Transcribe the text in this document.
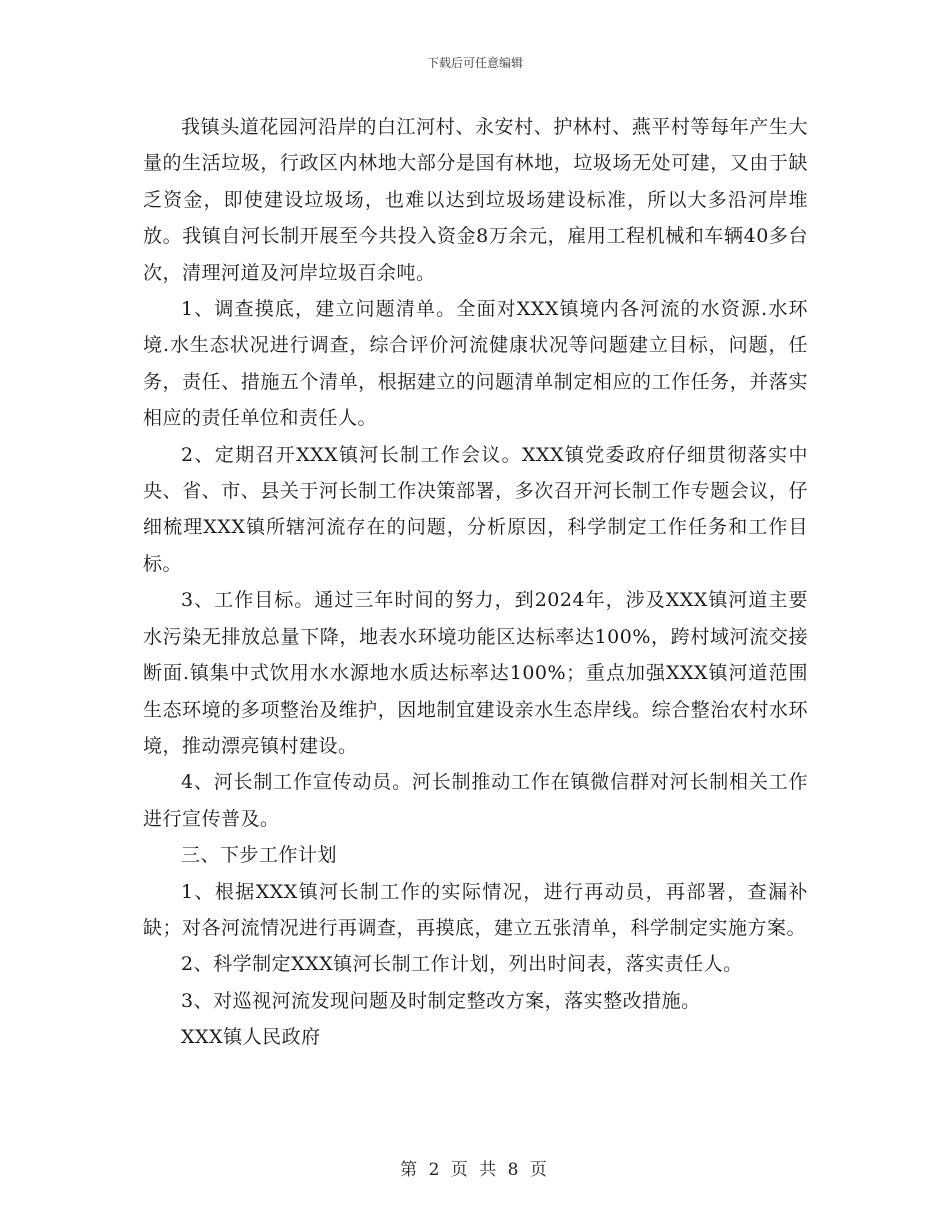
下载后可任意编辑

我镇头道花园河沿岸的白江河村、永安村、护林村、燕平村等每年产生大量的生活垃圾，行政区内林地大部分是国有林地，垃圾场无处可建，又由于缺乏资金，即使建设垃圾场，也难以达到垃圾场建设标准，所以大多沿河岸堆放。我镇自河长制开展至今共投入资金8万余元，雇用工程机械和车辆40多台次，清理河道及河岸垃圾百余吨。

1、调查摸底，建立问题清单。全面对XXX镇境内各河流的水资源.水环境.水生态状况进行调查，综合评价河流健康状况等问题建立目标，问题，任务，责任、措施五个清单，根据建立的问题清单制定相应的工作任务，并落实相应的责任单位和责任人。

2、定期召开XXX镇河长制工作会议。XXX镇党委政府仔细贯彻落实中央、省、市、县关于河长制工作决策部署，多次召开河长制工作专题会议，仔细梳理XXX镇所辖河流存在的问题，分析原因，科学制定工作任务和工作目标。

3、工作目标。通过三年时间的努力，到2024年，涉及XXX镇河道主要水污染无排放总量下降，地表水环境功能区达标率达100%，跨村域河流交接断面.镇集中式饮用水水源地水质达标率达100%；重点加强XXX镇河道范围生态环境的多项整治及维护，因地制宜建设亲水生态岸线。综合整治农村水环境，推动漂亮镇村建设。

4、河长制工作宣传动员。河长制推动工作在镇微信群对河长制相关工作进行宣传普及。

三、下步工作计划

1、根据XXX镇河长制工作的实际情况，进行再动员，再部署，查漏补缺；对各河流情况进行再调查，再摸底，建立五张清单，科学制定实施方案。

2、科学制定XXX镇河长制工作计划，列出时间表，落实责任人。

3、对巡视河流发现问题及时制定整改方案，落实整改措施。

XXX镇人民政府

第 2 页 共 8 页
